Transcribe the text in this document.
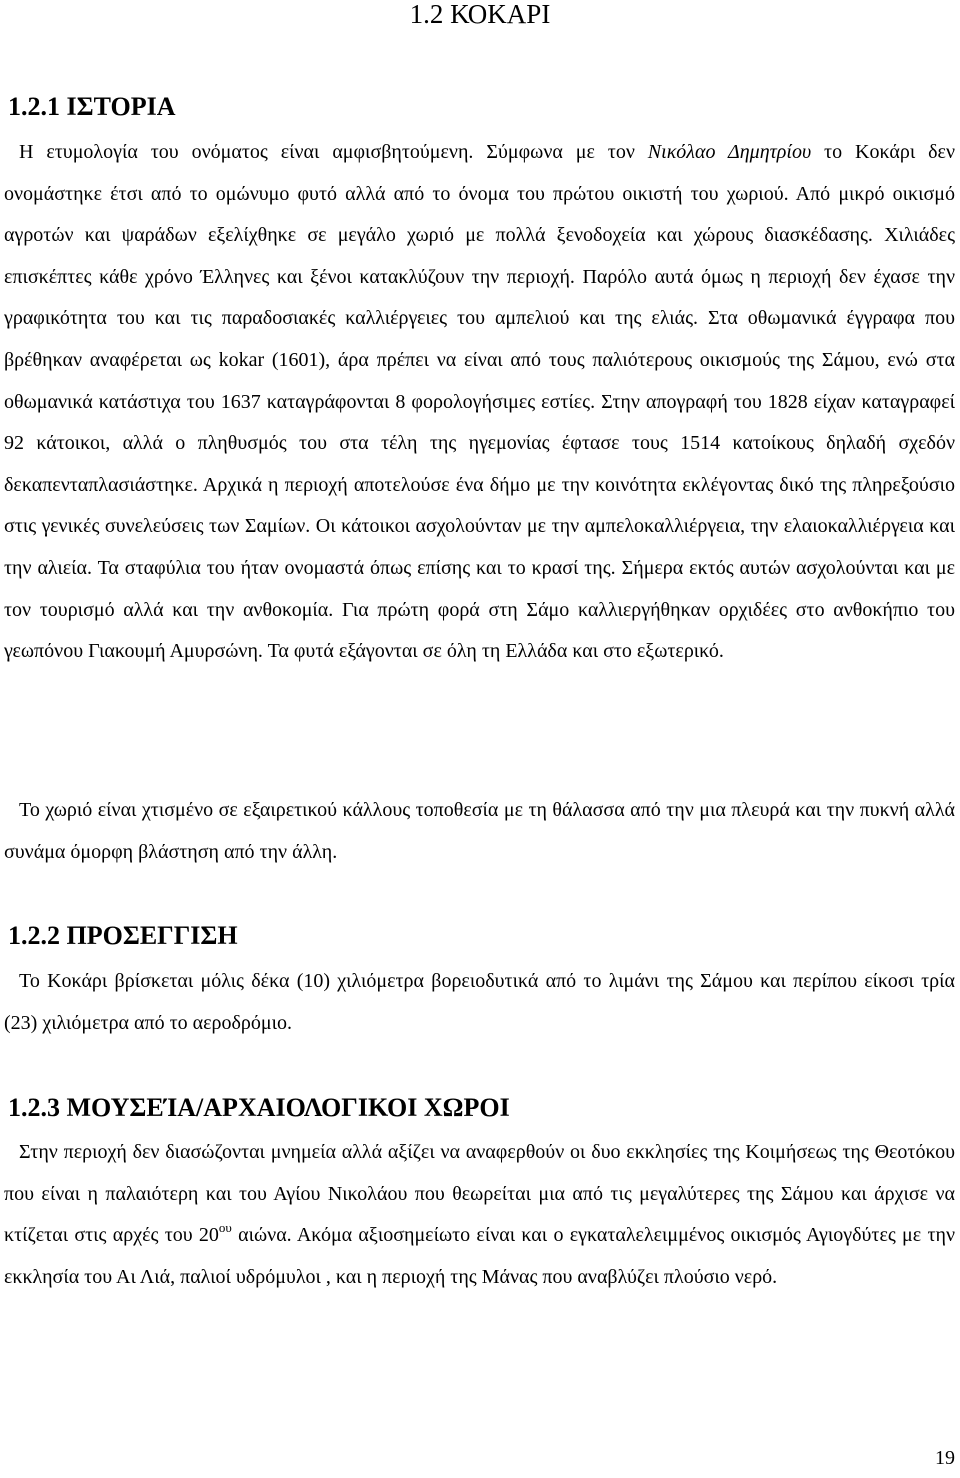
1.2 ΚΟΚΑΡΙ
1.2.1 ΙΣΤΟΡΙΑ

Η ετυμολογία του ονόματος είναι αμφισβητούμενη. Σύμφωνα με τον Νικόλαο Δημητρίου το Κοκάρι δεν ονομάστηκε έτσι από το ομώνυμο φυτό αλλά από το όνομα του πρώτου οικιστή του χωριού. Από μικρό οικισμό αγροτών και ψαράδων εξελίχθηκε σε μεγάλο χωριό με πολλά ξενοδοχεία και χώρους διασκέδασης. Χιλιάδες επισκέπτες κάθε χρόνο Έλληνες και ξένοι κατακλύζουν την περιοχή. Παρόλο αυτά όμως η περιοχή δεν έχασε την γραφικότητα του και τις παραδοσιακές καλλιέργειες του αμπελιού και της ελιάς. Στα οθωμανικά έγγραφα που βρέθηκαν αναφέρεται ως kokar (1601), άρα πρέπει να είναι από τους παλιότερους οικισμούς της Σάμου, ενώ στα οθωμανικά κατάστιχα του 1637 καταγράφονται 8 φορολογήσιμες εστίες. Στην απογραφή του 1828 είχαν καταγραφεί 92 κάτοικοι, αλλά ο πληθυσμός του στα τέλη της ηγεμονίας έφτασε τους 1514 κατοίκους δηλαδή σχεδόν δεκαπενταπλασιάστηκε. Αρχικά η περιοχή αποτελούσε ένα δήμο με την κοινότητα εκλέγοντας δικό της πληρεξούσιο στις γενικές συνελεύσεις των Σαμίων. Οι κάτοικοι ασχολούνταν με την αμπελοκαλλιέργεια, την ελαιοκαλλιέργεια και την αλιεία. Τα σταφύλια του ήταν ονομαστά όπως επίσης και το κρασί της. Σήμερα εκτός αυτών ασχολούνται και με τον τουρισμό αλλά και την ανθοκομία. Για πρώτη φορά στη Σάμο καλλιεργήθηκαν ορχιδέες στο ανθοκήπιο του γεωπόνου Γιακουμή Αμυρσώνη. Τα φυτά εξάγονται σε όλη τη Ελλάδα και στο εξωτερικό.

Το χωριό είναι χτισμένο σε εξαιρετικού κάλλους τοποθεσία με τη θάλασσα από την μια πλευρά και την πυκνή αλλά συνάμα όμορφη βλάστηση από την άλλη.

1.2.2 ΠΡΟΣΕΓΓΙΣΗ

Το Κοκάρι βρίσκεται μόλις δέκα (10) χιλιόμετρα βορειοδυτικά από το λιμάνι της Σάμου και περίπου είκοσι τρία (23) χιλιόμετρα από το αεροδρόμιο.

1.2.3 ΜΟΥΣΕΊΑ/ΑΡΧΑΙΟΛΟΓΙΚΟΙ ΧΩΡΟΙ

Στην περιοχή δεν διασώζονται μνημεία αλλά αξίζει να αναφερθούν οι δυο εκκλησίες της Κοιμήσεως της Θεοτόκου που είναι η παλαιότερη και του Αγίου Νικολάου που θεωρείται μια από τις μεγαλύτερες της Σάμου και άρχισε να κτίζεται στις αρχές του $20^{o\upsilon}$ αιώνα. Ακόμα αξιοσημείωτο είναι και ο εγκαταλελειμμένος οικισμός Αγιογδύτες με την εκκλησία του Αι Λιά, παλιοί υδρόμυλοι , και η περιοχή της Μάνας που αναβλύζει πλούσιο νερό.

19
